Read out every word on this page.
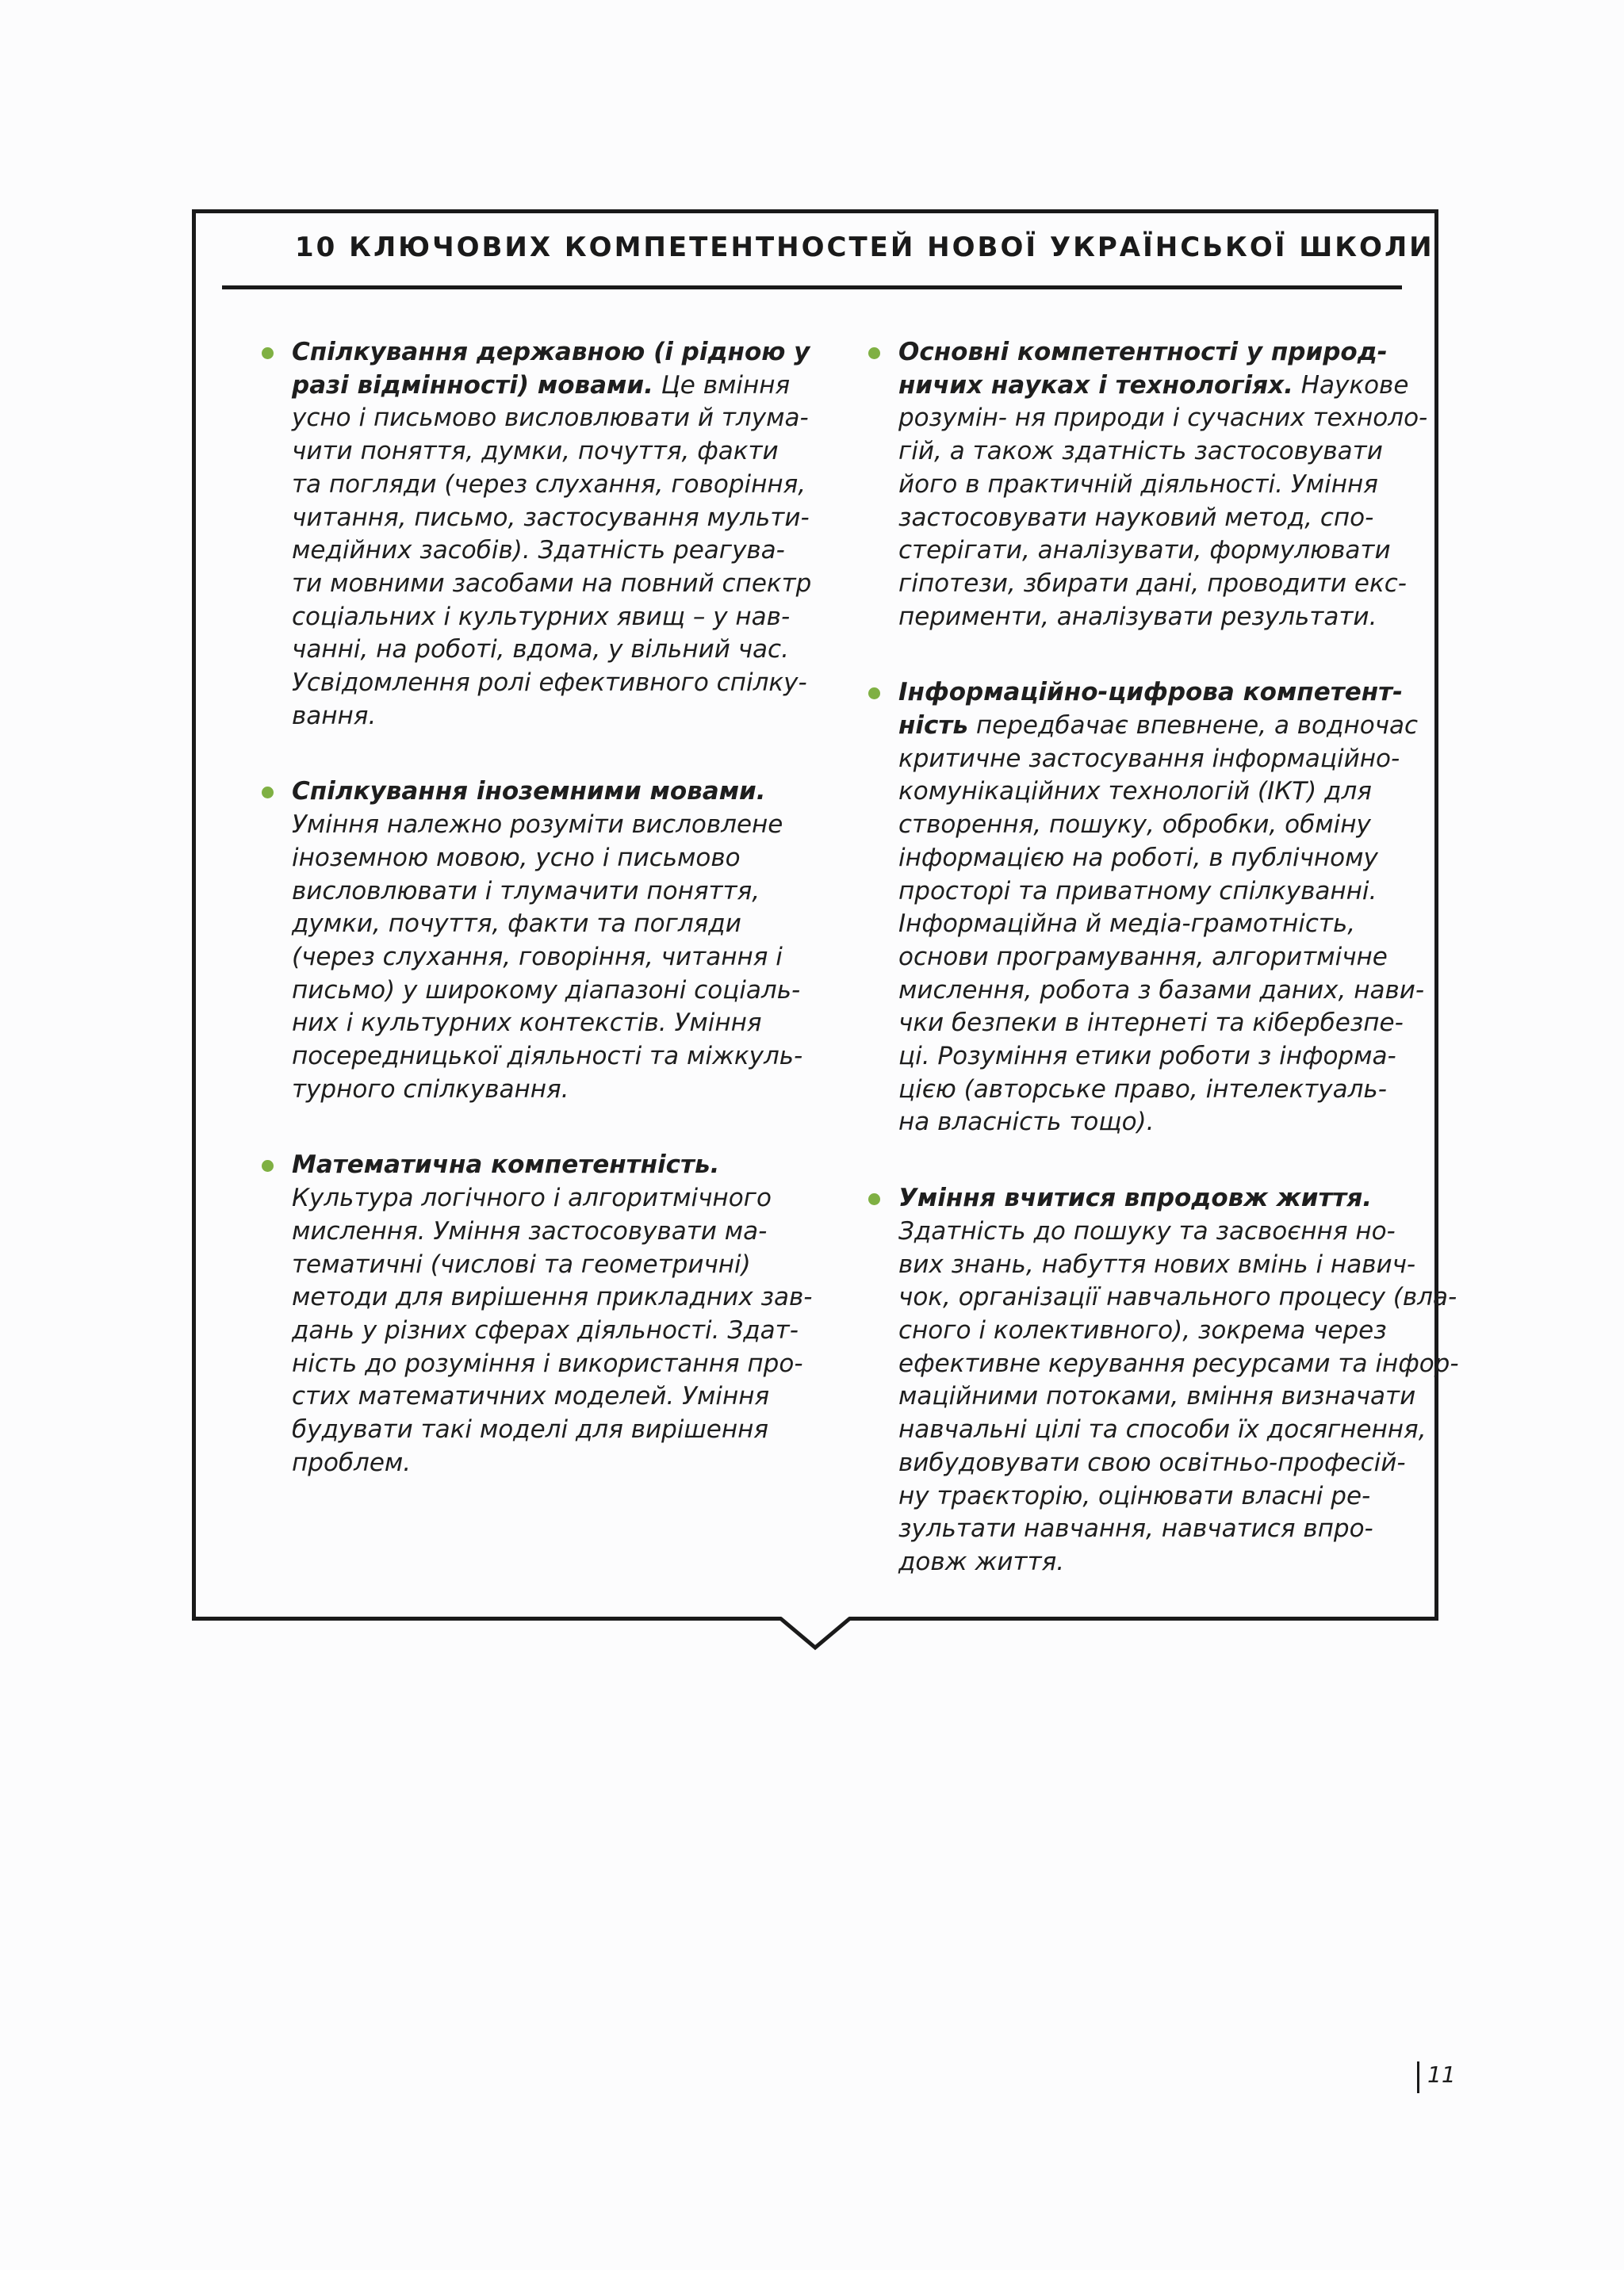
10 КЛЮЧОВИХ КОМПЕТЕНТНОСТЕЙ НОВОЇ УКРАЇНСЬКОЇ ШКОЛИ
Спілкування державною (і рідною у
разі відмінності) мовами. Це вміння
усно і письмово висловлювати й тлума-
чити поняття, думки, почуття, факти
та погляди (через слухання, говоріння,
читання, письмо, застосування мульти-
медійних засобів). Здатність реагува-
ти мовними засобами на повний спектр
соціальних і культурних явищ – у нав-
чанні, на роботі, вдома, у вільний час.
Усвідомлення ролі ефективного спілку-
вання.
Спілкування іноземними мовами.
Уміння належно розуміти висловлене
іноземною мовою, усно і письмово
висловлювати і тлумачити поняття,
думки, почуття, факти та погляди
(через слухання, говоріння, читання і
письмо) у широкому діапазоні соціаль-
них і культурних контекстів. Уміння
посередницької діяльності та міжкуль-
турного спілкування.
Математична компетентність.
Культура логічного і алгоритмічного
мислення. Уміння застосовувати ма-
тематичні (числові та геометричні)
методи для вирішення прикладних зав-
дань у різних сферах діяльності. Здат-
ність до розуміння і використання про-
стих математичних моделей. Уміння
будувати такі моделі для вирішення
проблем.
Основні компетентності у природ-
ничих науках і технологіях. Наукове
розумін- ня природи і сучасних техноло-
гій, а також здатність застосовувати
його в практичній діяльності. Уміння
застосовувати науковий метод, спо-
стерігати, аналізувати, формулювати
гіпотези, збирати дані, проводити екс-
перименти, аналізувати результати.
Інформаційно-цифрова компетент-
ність передбачає впевнене, а водночас
критичне застосування інформаційно-
комунікаційних технологій (ІКТ) для
створення, пошуку, обробки, обміну
інформацією на роботі, в публічному
просторі та приватному спілкуванні.
Інформаційна й медіа-грамотність,
основи програмування, алгоритмічне
мислення, робота з базами даних, нави-
чки безпеки в інтернеті та кібербезпе-
ці. Розуміння етики роботи з інформа-
цією (авторське право, інтелектуаль-
на власність тощо).
Уміння вчитися впродовж життя.
Здатність до пошуку та засвоєння но-
вих знань, набуття нових вмінь і навич-
чок, організації навчального процесу (вла-
сного і колективного), зокрема через
ефективне керування ресурсами та інфор-
маційними потоками, вміння визначати
навчальні цілі та способи їх досягнення,
вибудовувати свою освітньо-професій-
ну траєкторію, оцінювати власні ре-
зультати навчання, навчатися впро-
довж життя.
11
